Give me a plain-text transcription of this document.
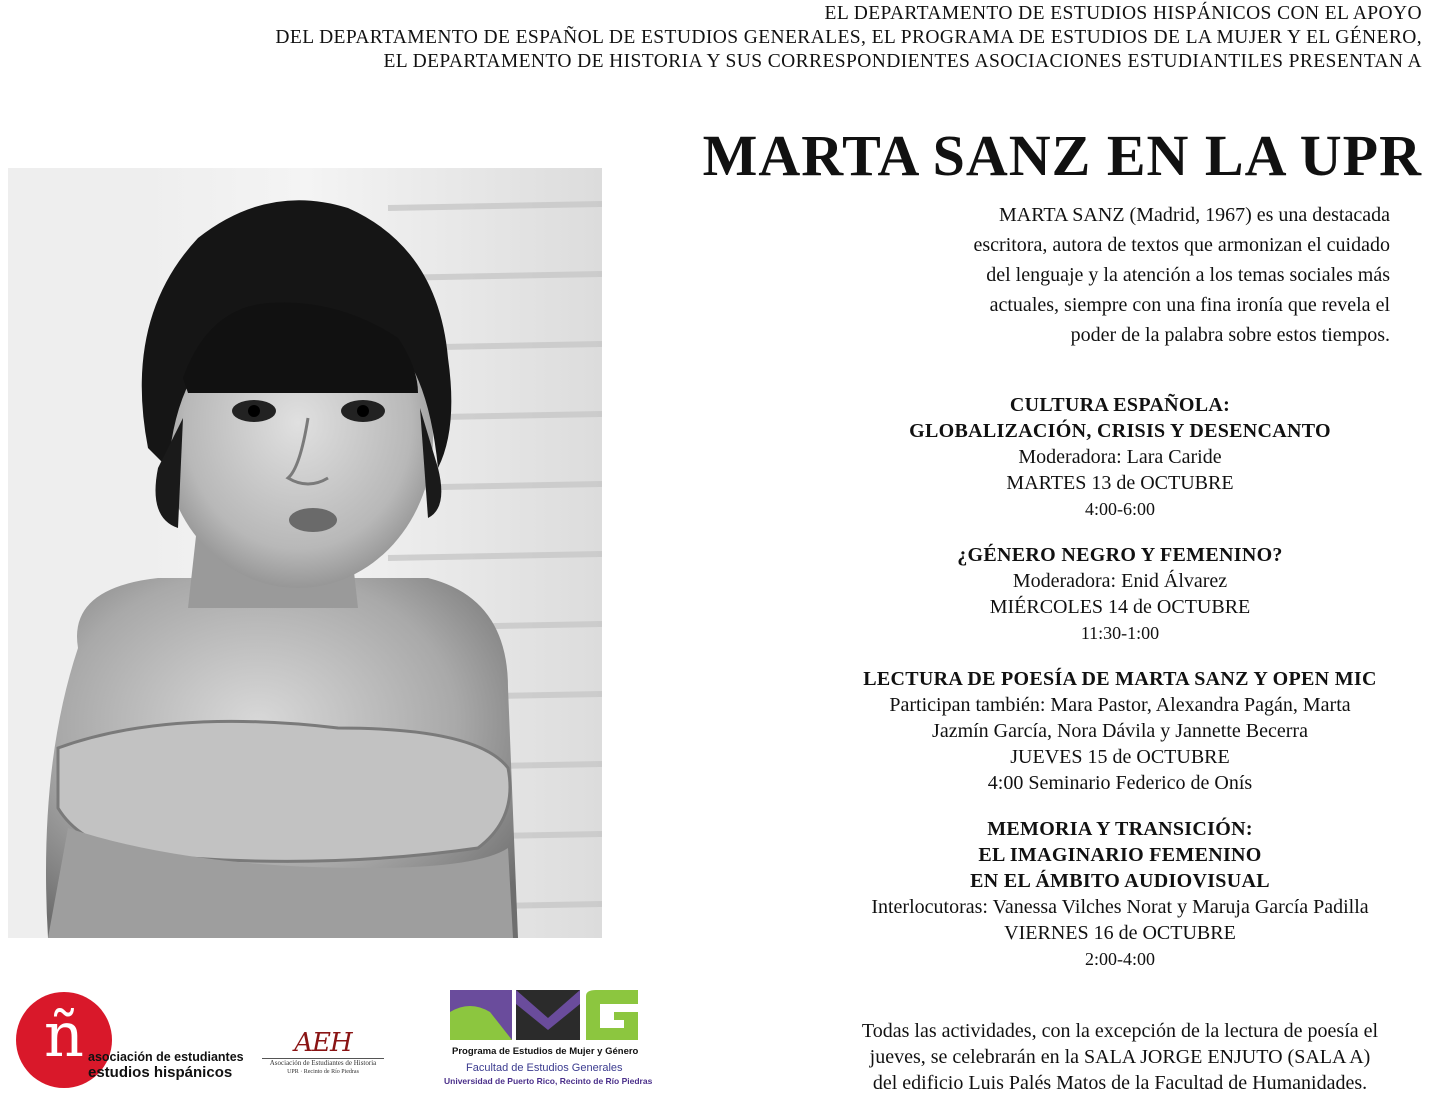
EL DEPARTAMENTO DE ESTUDIOS HISPÁNICOS CON EL APOYO
DEL DEPARTAMENTO DE ESPAÑOL DE ESTUDIOS GENERALES, EL PROGRAMA DE ESTUDIOS DE LA MUJER Y EL GÉNERO,
EL DEPARTAMENTO DE HISTORIA Y SUS CORRESPONDIENTES ASOCIACIONES ESTUDIANTILES PRESENTAN A
MARTA SANZ EN LA UPR
MARTA SANZ (Madrid, 1967) es una destacada
escritora, autora de textos que armonizan el cuidado
del lenguaje y la atención a los temas sociales más
actuales, siempre con una fina ironía que revela el
poder de la palabra sobre estos tiempos.
CULTURA ESPAÑOLA:
GLOBALIZACIÓN, CRISIS Y DESENCANTO
Moderadora: Lara Caride
MARTES 13 de OCTUBRE
4:00-6:00
¿GÉNERO NEGRO Y FEMENINO?
Moderadora: Enid Álvarez
MIÉRCOLES 14 de OCTUBRE
11:30-1:00
LECTURA DE POESÍA DE MARTA SANZ Y OPEN MIC
Participan también: Mara Pastor, Alexandra Pagán, Marta
Jazmín García, Nora Dávila y Jannette Becerra
JUEVES 15 de OCTUBRE
4:00 Seminario Federico de Onís
MEMORIA Y TRANSICIÓN:
EL IMAGINARIO FEMENINO
EN EL ÁMBITO AUDIOVISUAL
Interlocutoras: Vanessa Vilches Norat y Maruja García Padilla
VIERNES 16 de OCTUBRE
2:00-4:00
Todas las actividades, con la excepción de la lectura de poesía el
jueves, se celebrarán en la SALA JORGE ENJUTO (SALA A)
del edificio Luis Palés Matos de la Facultad de Humanidades.
ñ asociación de estudiantes
estudios hispánicos
AEH
Asociación de Estudiantes de Historia
UPR · Recinto de Río Piedras
Programa de Estudios de Mujer y Género
Facultad de Estudios Generales
Universidad de Puerto Rico, Recinto de Río Piedras
